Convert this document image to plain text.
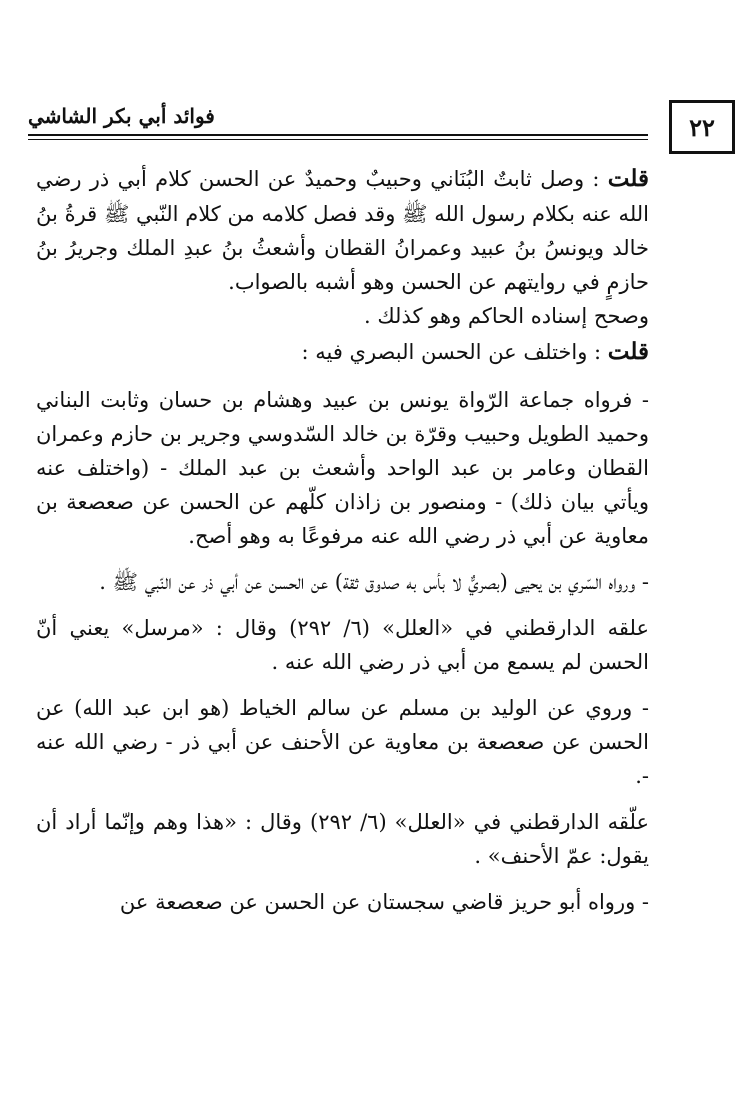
٢٢
فوائد أبي بكر الشاشي

قلت : وصل ثابتٌ البُنَاني وحبيبٌ وحميدٌ عن الحسن كلام أبي ذر رضي الله عنه بكلام رسول الله ﷺ وقد فصل كلامه من كلام النّبي ﷺ قرةُ بنُ خالد ويونسُ بنُ عبيد وعمرانُ القطان وأشعثُ بنُ عبدِ الملك وجريرُ بنُ حازمٍ في روايتهم عن الحسن وهو أشبه بالصواب.

وصحح إسناده الحاكم وهو كذلك .

قلت : واختلف عن الحسن البصري فيه :

- فرواه جماعة الرّواة يونس بن عبيد وهشام بن حسان وثابت البناني وحميد الطويل وحبيب وقرّة بن خالد السّدوسي وجرير بن حازم وعمران القطان وعامر بن عبد الواحد وأشعث بن عبد الملك - (واختلف عنه ويأتي بيان ذلك) - ومنصور بن زاذان كلّهم عن الحسن عن صعصعة بن معاوية عن أبي ذر رضي الله عنه مرفوعًا به وهو أصح.

- ورواه السّري بن يحيى (بصريٌّ لا بأس به صدوق ثقة) عن الحسن عن أبي ذر عن النّبي ﷺ .

علقه الدارقطني في «العلل» (٦/ ٢٩٢) وقال : «مرسل» يعني أنّ الحسن لم يسمع من أبي ذر رضي الله عنه .

- وروي عن الوليد بن مسلم عن سالم الخياط (هو ابن عبد الله) عن الحسن عن صعصعة بن معاوية عن الأحنف عن أبي ذر - رضي الله عنه -.

علّقه الدارقطني في «العلل» (٦/ ٢٩٢) وقال : «هذا وهم وإنّما أراد أن يقول: عمّ الأحنف» .

- ورواه أبو حريز قاضي سجستان عن الحسن عن صعصعة عن
